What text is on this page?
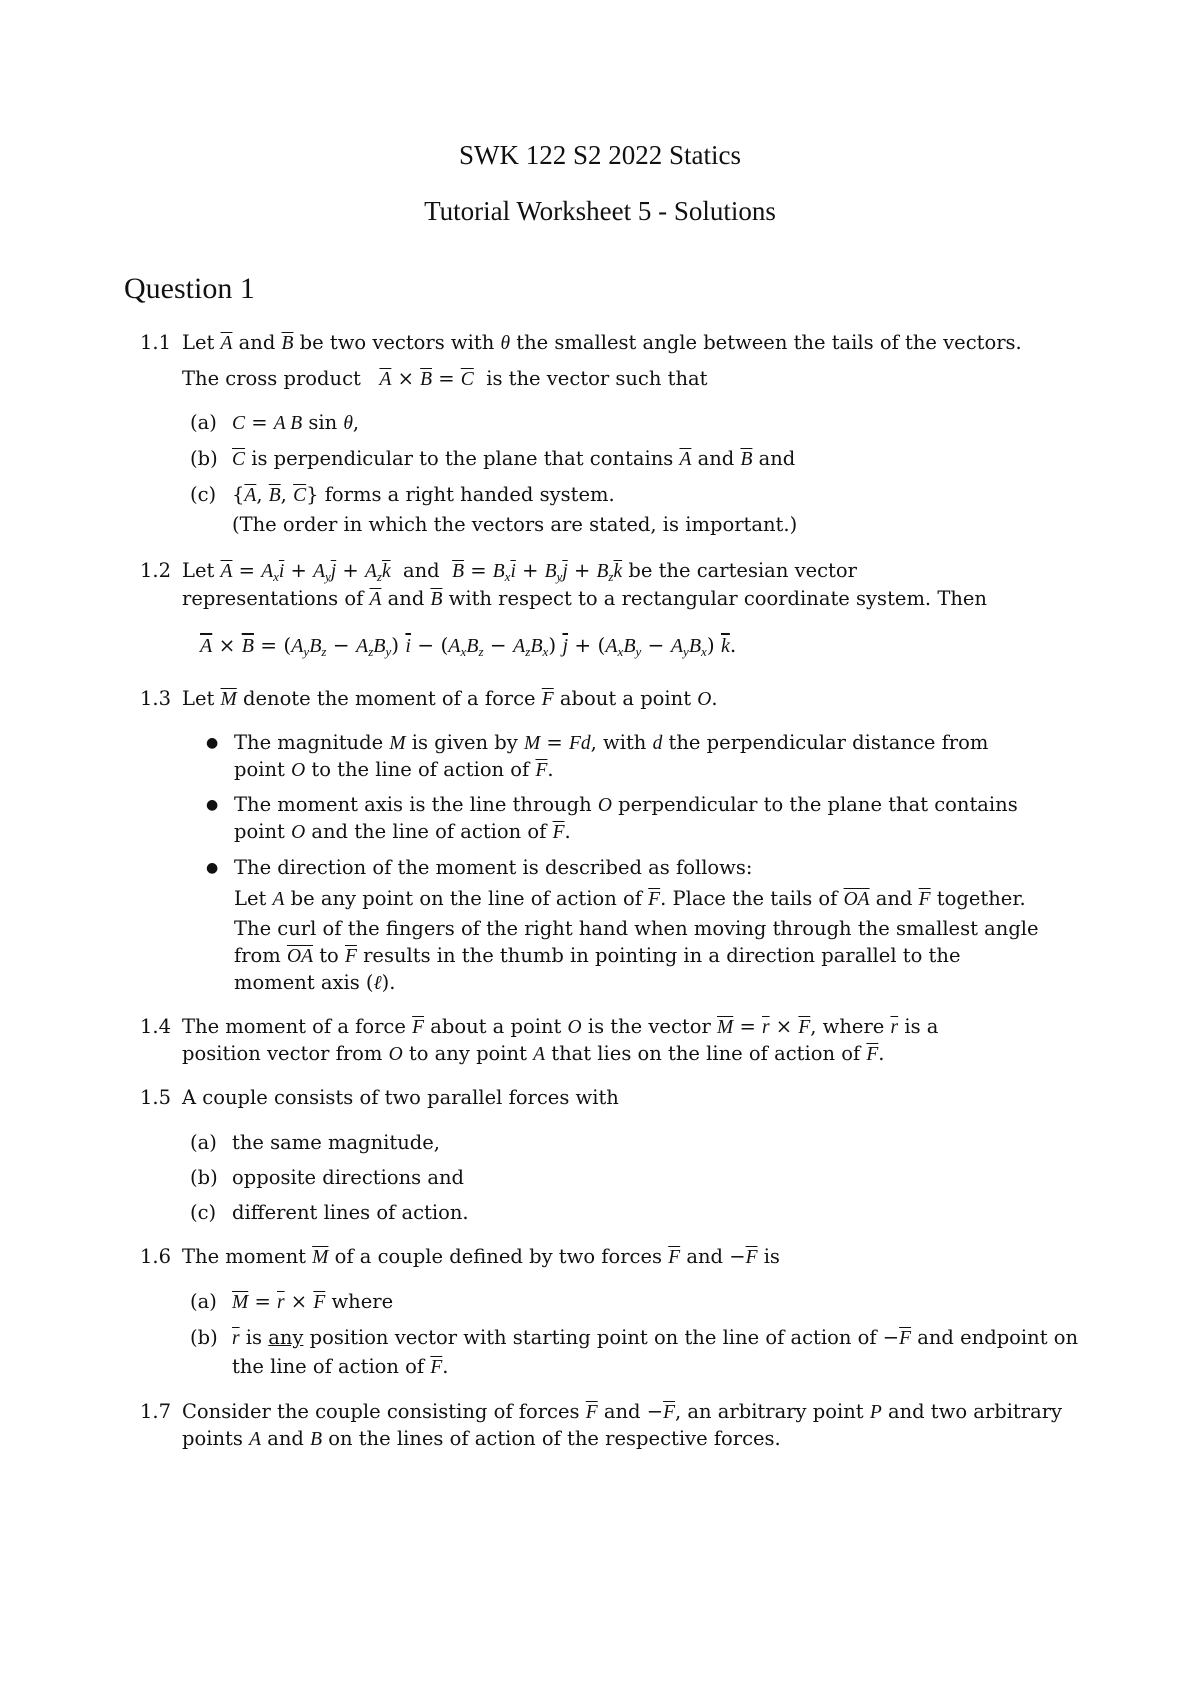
SWK 122 S2 2022 Statics
Tutorial Worksheet 5 - Solutions
Question 1
1.1 Let $\overline{A}$ and $\overline{B}$ be two vectors with θ the smallest angle between the tails of the vectors.
The cross product $\overline{A} \times \overline{B} = \overline{C}$ is the vector such that
(a) C = A B sin θ,
(b) $\overline{C}$ is perpendicular to the plane that contains $\overline{A}$ and $\overline{B}$ and
(c) {$\overline{A}$, $\overline{B}$, $\overline{C}$} forms a right handed system.
(The order in which the vectors are stated, is important.)
1.2 Let $\overline{A} = A_x\overline{i} + A_y\overline{j} + A_z\overline{k}$ and $\overline{B} = B_x\overline{i} + B_y\overline{j} + B_z\overline{k}$ be the cartesian vector
representations of $\overline{A}$ and $\overline{B}$ with respect to a rectangular coordinate system. Then
$\overline{A} \times \overline{B} = (A_yB_z - A_zB_y) \overline{i} - (A_xB_z - A_zB_x) \overline{j} + (A_xB_y - A_yB_x)$ $\overline{k}$.
1.3 Let $\overline{M}$ denote the moment of a force $\overline{F}$ about a point O.
● The magnitude M is given by M = Fd, with d the perpendicular distance from
point O to the line of action of $\overline{F}$.
● The moment axis is the line through O perpendicular to the plane that contains
point O and the line of action of $\overline{F}$.
● The direction of the moment is described as follows:
Let A be any point on the line of action of $\overline{F}$. Place the tails of $\overline{OA}$ and $\overline{F}$ together.
The curl of the fingers of the right hand when moving through the smallest angle
from $\overline{OA}$ to $\overline{F}$ results in the thumb in pointing in a direction parallel to the
moment axis (ℓ).
1.4 The moment of a force $\overline{F}$ about a point O is the vector $\overline{M} = \overline{r} \times \overline{F}$, where $\overline{r}$ is a
position vector from O to any point A that lies on the line of action of $\overline{F}$.
1.5 A couple consists of two parallel forces with
(a) the same magnitude,
(b) opposite directions and
(c) different lines of action.
1.6 The moment $\overline{M}$ of a couple defined by two forces $\overline{F}$ and $-\overline{F}$ is
(a) $\overline{M} = \overline{r} \times \overline{F}$ where
(b) $\overline{r}$ is any position vector with starting point on the line of action of $-\overline{F}$ and endpoint on
the line of action of $\overline{F}$.
1.7 Consider the couple consisting of forces $\overline{F}$ and $-\overline{F}$, an arbitrary point P and two arbitrary
points A and B on the lines of action of the respective forces.
